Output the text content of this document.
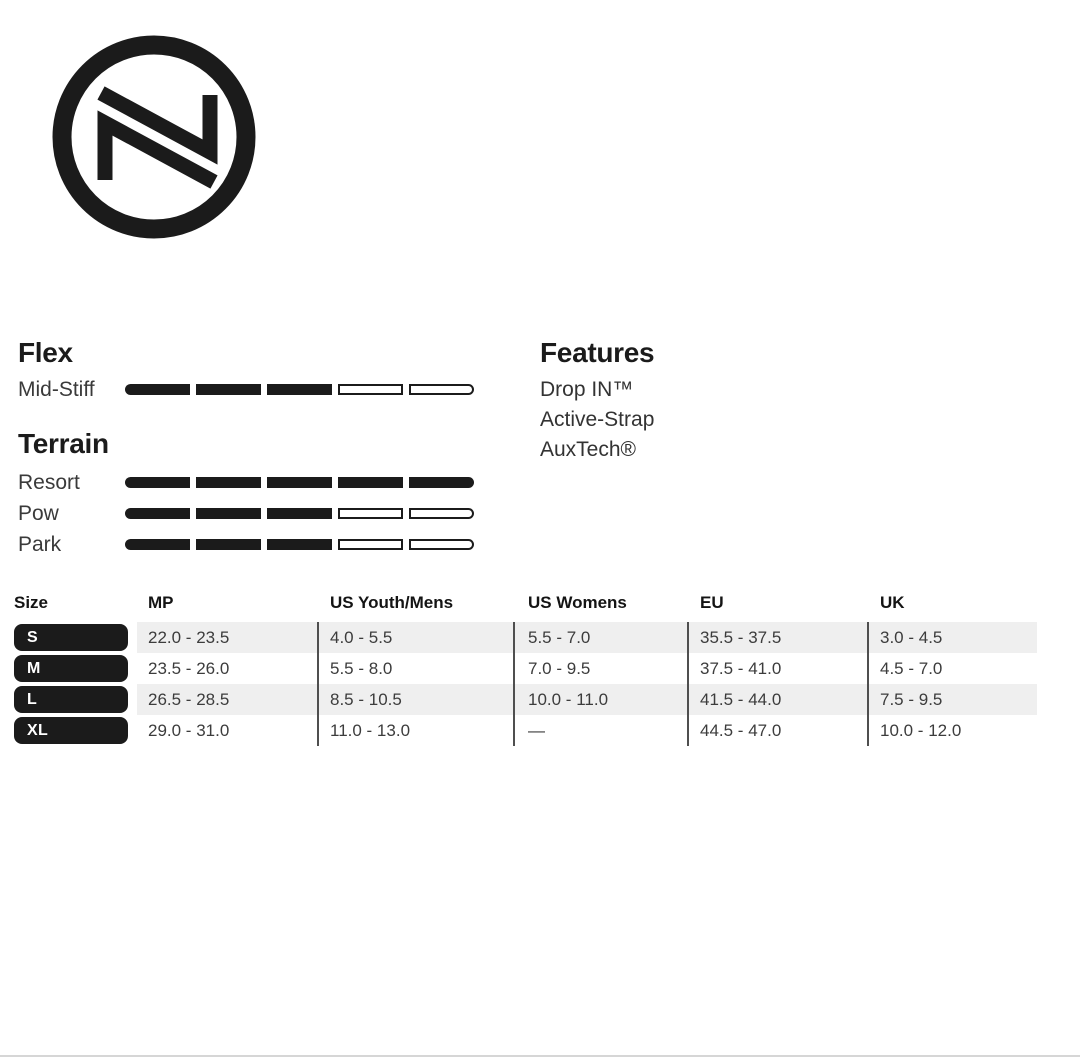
Flex
Mid-Stiff
Terrain
Resort
Pow
Park
Features
Drop IN™
Active-Strap
AuxTech®
Size	MP	US Youth/Mens	US Womens	EU	UK
S	22.0 - 23.5	4.0 - 5.5	5.5 - 7.0	35.5 - 37.5	3.0 - 4.5
M	23.5 - 26.0	5.5 - 8.0	7.0 - 9.5	37.5 - 41.0	4.5 - 7.0
L	26.5 - 28.5	8.5 - 10.5	10.0 - 11.0	41.5 - 44.0	7.5 - 9.5
XL	29.0 - 31.0	11.0 - 13.0	—	44.5 - 47.0	10.0 - 12.0
